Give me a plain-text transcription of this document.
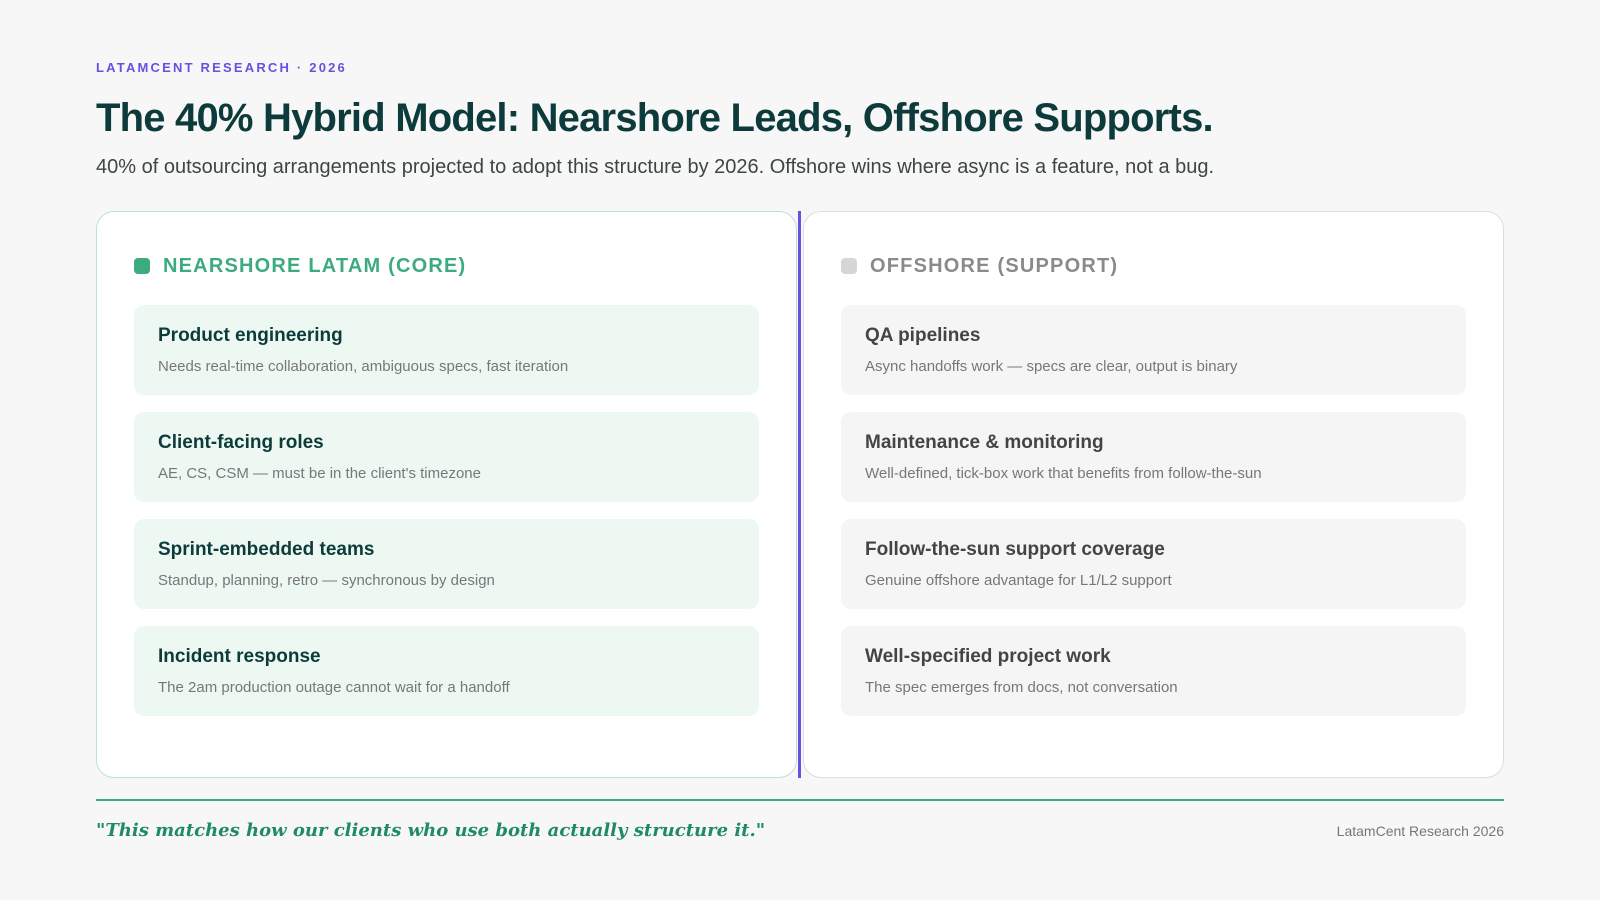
LATAMCENT RESEARCH · 2026
The 40% Hybrid Model: Nearshore Leads, Offshore Supports.

40% of outsourcing arrangements projected to adopt this structure by 2026. Offshore wins where async is a feature, not a bug.

NEARSHORE LATAM (CORE)
Product engineering
Needs real-time collaboration, ambiguous specs, fast iteration
Client-facing roles
AE, CS, CSM — must be in the client's timezone
Sprint-embedded teams
Standup, planning, retro — synchronous by design
Incident response
The 2am production outage cannot wait for a handoff
OFFSHORE (SUPPORT)
QA pipelines
Async handoffs work — specs are clear, output is binary
Maintenance & monitoring
Well-defined, tick-box work that benefits from follow-the-sun
Follow-the-sun support coverage
Genuine offshore advantage for L1/L2 support
Well-specified project work
The spec emerges from docs, not conversation
"This matches how our clients who use both actually structure it."	LatamCent Research 2026
